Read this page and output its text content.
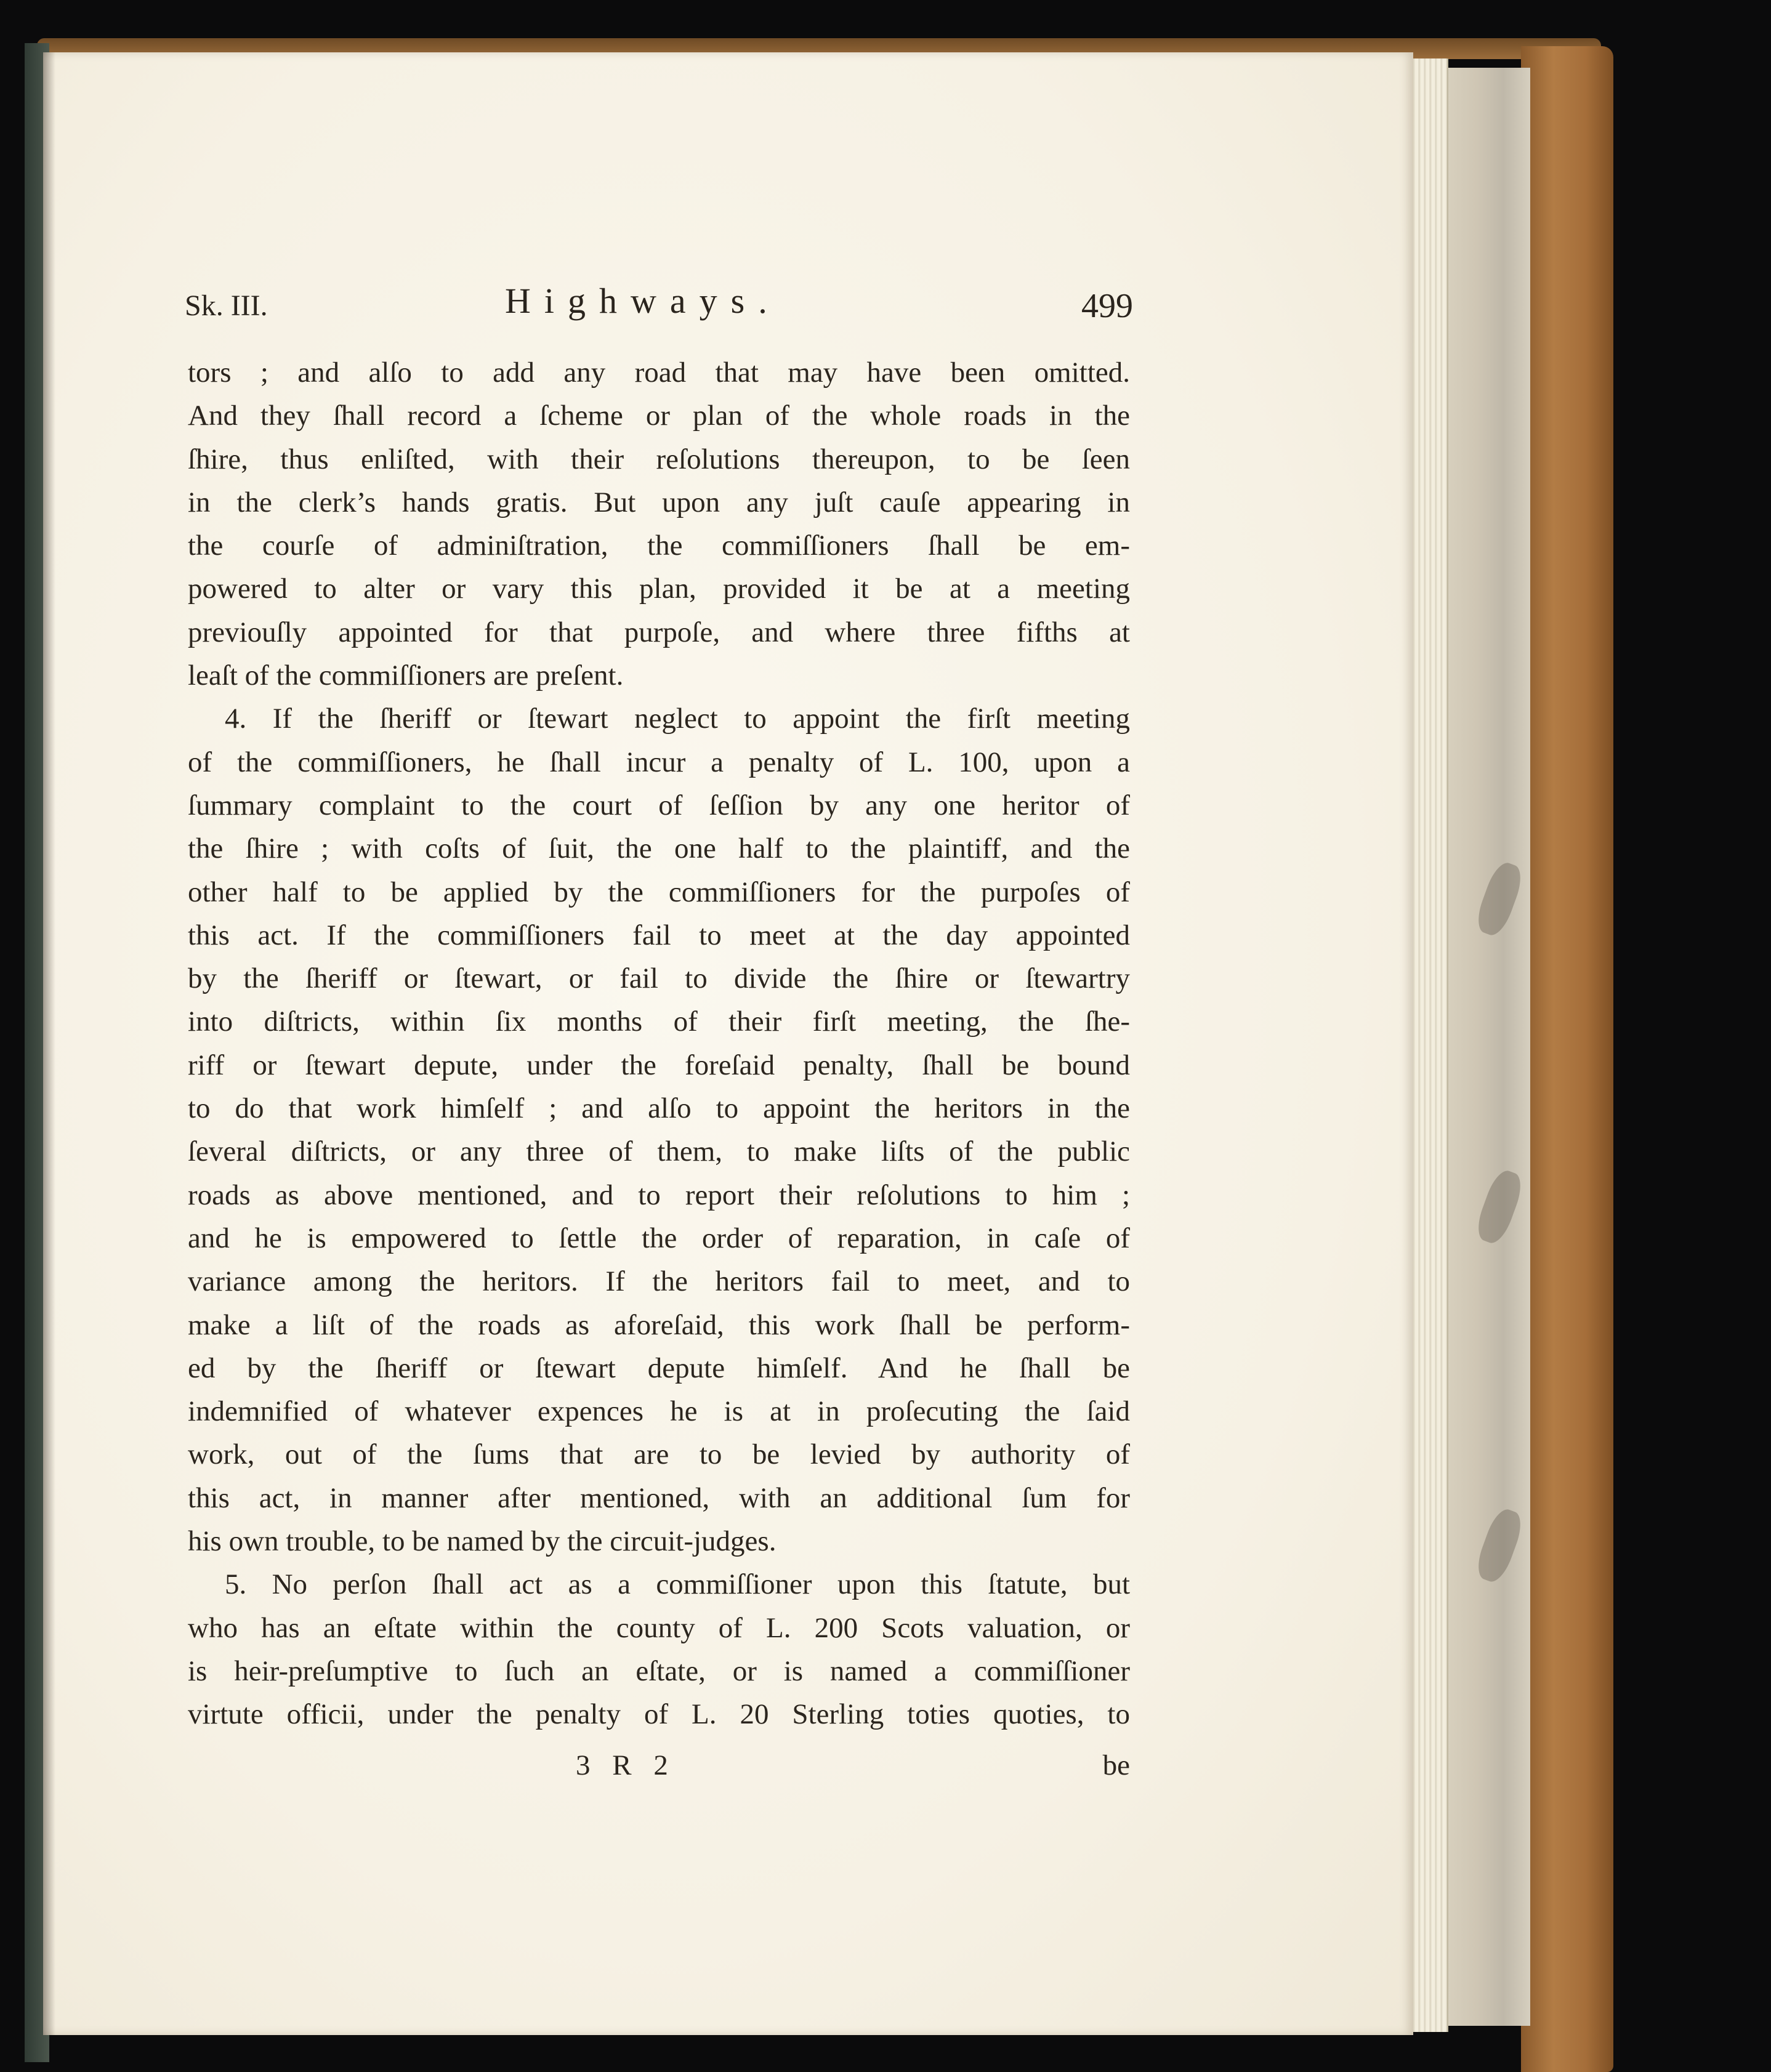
Sk. III.	Highways.	499
tors ; and alſo to add any road that may have been omitted.
And they ſhall record a ſcheme or plan of the whole roads in the
ſhire, thus enliſted, with their reſolutions thereupon, to be ſeen
in the clerk’s hands gratis. But upon any juſt cauſe appearing in
the courſe of adminiſtration, the commiſſioners ſhall be em-
powered to alter or vary this plan, provided it be at a meeting
previouſly appointed for that purpoſe, and where three fifths at
leaſt of the commiſſioners are preſent.
4. If the ſheriff or ſtewart neglect to appoint the firſt meeting
of the commiſſioners, he ſhall incur a penalty of L. 100, upon a
ſummary complaint to the court of ſeſſion by any one heritor of
the ſhire ; with coſts of ſuit, the one half to the plaintiff, and the
other half to be applied by the commiſſioners for the purpoſes of
this act. If the commiſſioners fail to meet at the day appointed
by the ſheriff or ſtewart, or fail to divide the ſhire or ſtewartry
into diſtricts, within ſix months of their firſt meeting, the ſhe-
riff or ſtewart depute, under the foreſaid penalty, ſhall be bound
to do that work himſelf ; and alſo to appoint the heritors in the
ſeveral diſtricts, or any three of them, to make liſts of the public
roads as above mentioned, and to report their reſolutions to him ;
and he is empowered to ſettle the order of reparation, in caſe of
variance among the heritors. If the heritors fail to meet, and to
make a liſt of the roads as aforeſaid, this work ſhall be perform-
ed by the ſheriff or ſtewart depute himſelf. And he ſhall be
indemnified of whatever expences he is at in proſecuting the ſaid
work, out of the ſums that are to be levied by authority of
this act, in manner after mentioned, with an additional ſum for
his own trouble, to be named by the circuit-judges.
5. No perſon ſhall act as a commiſſioner upon this ſtatute, but
who has an eſtate within the county of L. 200 Scots valuation, or
is heir-preſumptive to ſuch an eſtate, or is named a commiſſioner
virtute officii, under the penalty of L. 20 Sterling toties quoties, to
3 R 2	be
